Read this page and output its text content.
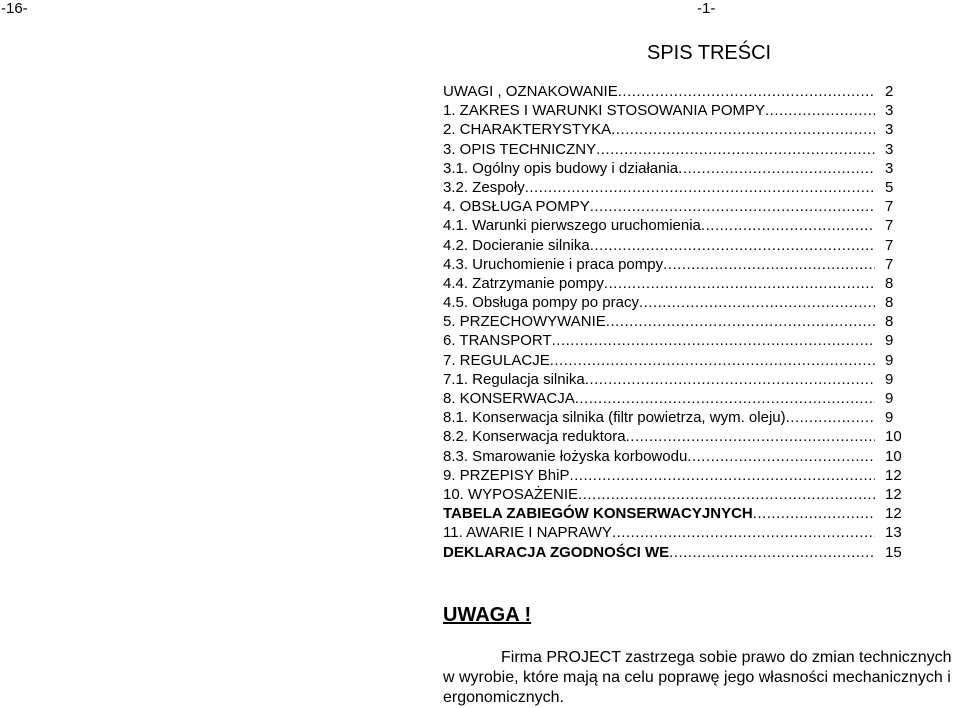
-16-	-1-
SPIS TREŚCI
UWAGI , OZNAKOWANIE .....	2
1. ZAKRES I WARUNKI STOSOWANIA POMPY .....	3
2. CHARAKTERYSTYKA .....	3
3. OPIS TECHNICZNY .....	3
3.1. Ogólny opis budowy i działania .....	3
3.2. Zespoły .....	5
4. OBSŁUGA POMPY .....	7
4.1. Warunki pierwszego uruchomienia .....	7
4.2. Docieranie silnika .....	7
4.3. Uruchomienie i praca pompy .....	7
4.4. Zatrzymanie pompy .....	8
4.5. Obsługa pompy po pracy .....	8
5. PRZECHOWYWANIE .....	8
6. TRANSPORT .....	9
7. REGULACJE .....	9
7.1. Regulacja silnika .....	9
8. KONSERWACJA .....	9
8.1. Konserwacja silnika (filtr powietrza, wym. oleju) .....	9
8.2. Konserwacja reduktora .....	10
8.3. Smarowanie łożyska korbowodu .....	10
9. PRZEPISY BhiP .....	12
10. WYPOSAŻENIE .....	12
TABELA ZABIEGÓW KONSERWACYJNYCH .....	12
11. AWARIE I NAPRAWY .....	13
DEKLARACJA ZGODNOŚCI WE .....	15
UWAGA !

Firma PROJECT zastrzega sobie prawo do zmian technicznych w wyrobie, które mają na celu poprawę jego własności mechanicznych i ergonomicznych.
